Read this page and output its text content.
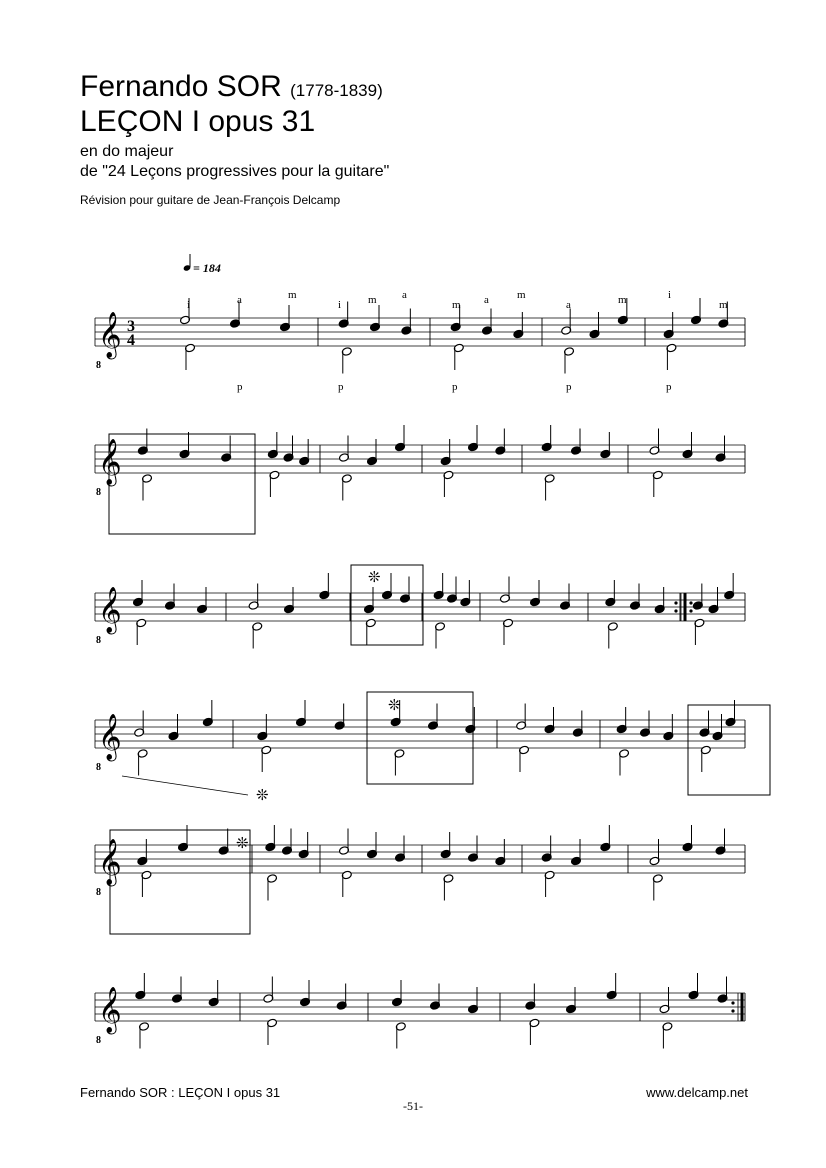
Fernando SOR (1778-1839)
LEÇON I opus 31
en do majeur
de "24 Leçons progressives pour la guitare"
Révision pour guitare de Jean-François Delcamp
𝄞
8
𝄞
8
𝄞
8
𝄞
8
𝄞
8
𝄞
8
3
4
i	a	m
i m a
m a	m
a	m	i
m
p	p	p	p	p
❊
❊
❊
❊
= 184
Fernando SOR : LEÇON I opus 31
-51-
www.delcamp.net
